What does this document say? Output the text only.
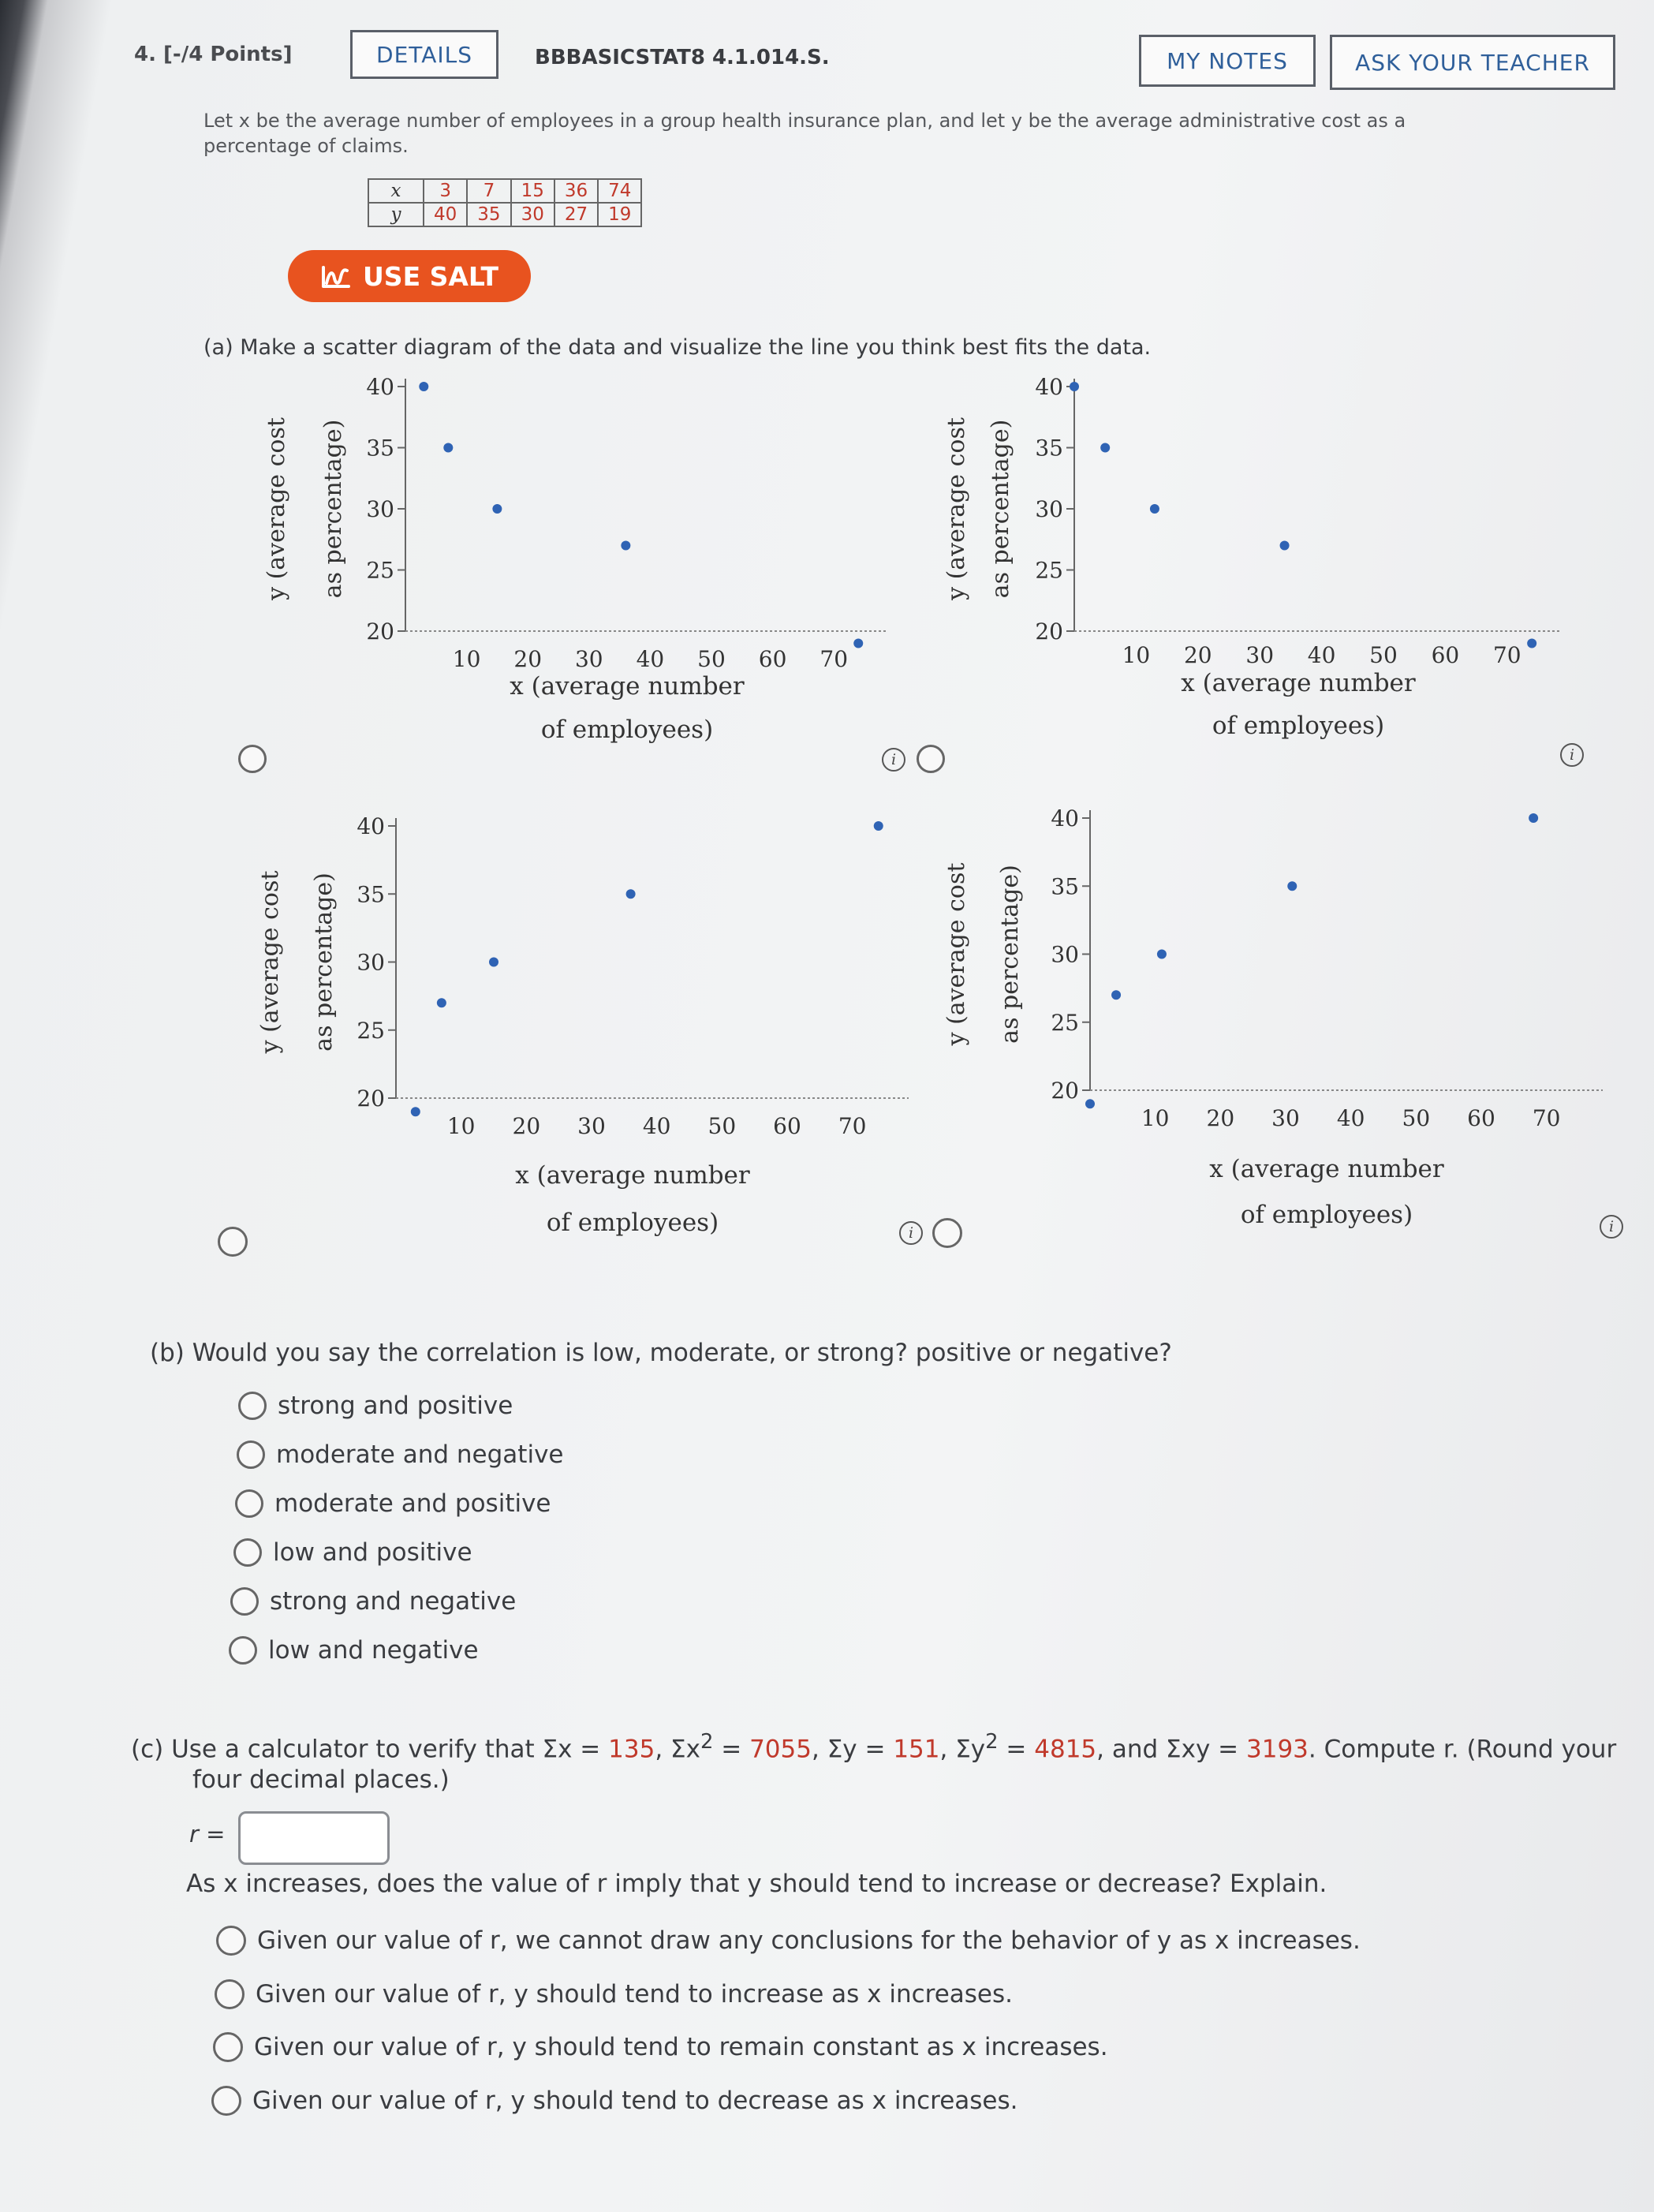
4. [-/4 Points]	DETAILS	BBBASICSTAT8 4.1.014.S.	MY NOTES	ASK YOUR TEACHER
Let x be the average number of employees in a group health insurance plan, and let y be the average administrative cost as a
percentage of claims.
x	3	7	15	36	74
y	40	35	30	27	19
USE SALT
(a) Make a scatter diagram of the data and visualize the line you think best fits the data.
20
25
30
35
40
10 20 30 40 50 60 70
x (average number
of employees)
y (average cost as percentage)
20
25
30
35
40
10 20 30 40 50 60 70
x (average number
of employees)
y (average cost as percentage)
20
25
30
35
40
10 20 30 40 50 60 70
x (average number
of employees)
y (average cost as percentage)
20
25
30
35
40
10 20 30 40 50 60 70
x (average number
of employees)
y (average cost as percentage)
i	i
i	i
(b) Would you say the correlation is low, moderate, or strong? positive or negative?
strong and positive
moderate and negative
moderate and positive
low and positive
strong and negative
low and negative
(c) Use a calculator to verify that Σx = 135, $\Sigma x^2 = 7055$, Σy = 151, $\Sigma y^2 = 4815$, and Σxy = 3193. Compute r. (Round your
four decimal places.)
r =
As x increases, does the value of r imply that y should tend to increase or decrease? Explain.
Given our value of r, we cannot draw any conclusions for the behavior of y as x increases.
Given our value of r, y should tend to increase as x increases.
Given our value of r, y should tend to remain constant as x increases.
Given our value of r, y should tend to decrease as x increases.
